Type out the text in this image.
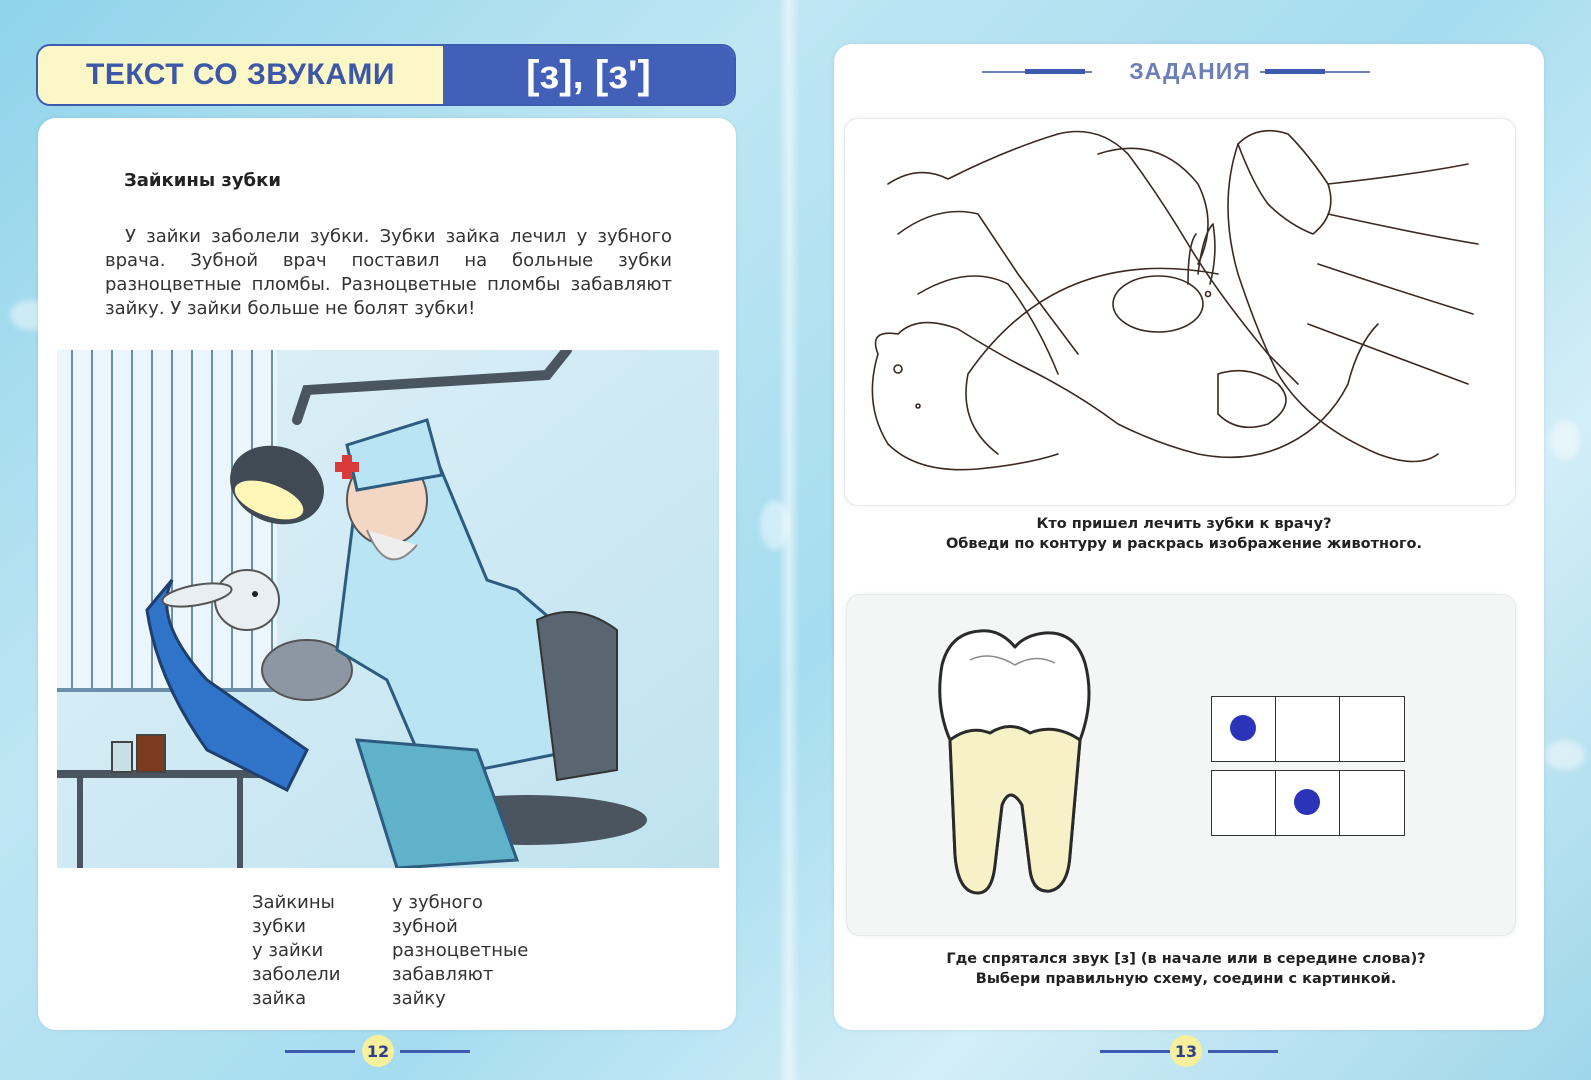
ТЕКСТ СО ЗВУКАМИ	[з], [з']
Зайкины зубки
У зайки заболели зубки. Зубки зайка лечил у зубного врача. Зубной врач поставил на больные зубки разноцветные пломбы. Разноцветные пломбы забавляют зайку. У зайки больше не болят зубки!
Зайкины
зубки
у зайки
заболели
зайка
у зубного
зубной
разноцветные
забавляют
зайку
12
ЗАДАНИЯ
Кто пришел лечить зубки к врачу?
Обведи по контуру и раскрась изображение животного.
Где спрятался звук [з] (в начале или в середине слова)?
Выбери правильную схему, соедини с картинкой.
13
